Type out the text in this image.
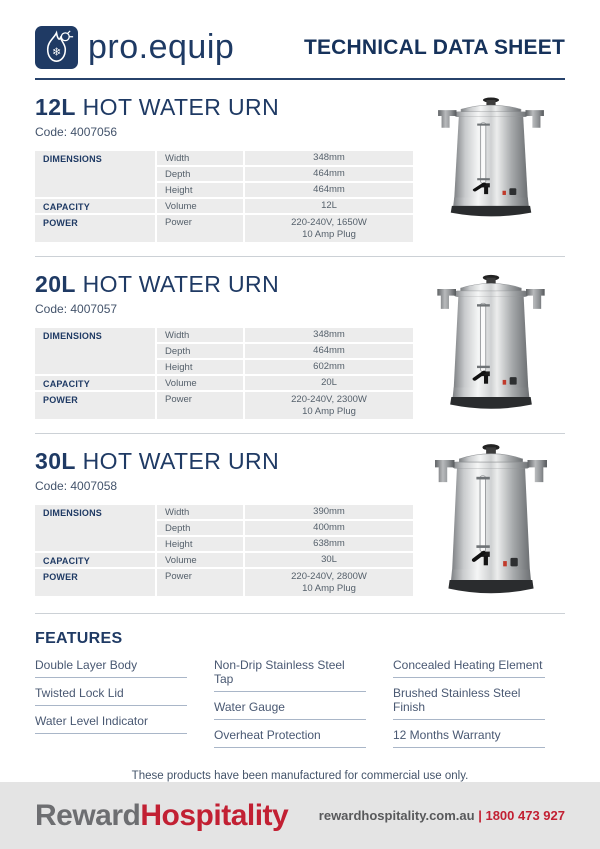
❄ pro.equip	TECHNICAL DATA SHEET
12L HOT WATER URN
Code: 4007056
DIMENSIONS	Width	348mm
Depth	464mm
Height	464mm
CAPACITY	Volume	12L
POWER	Power	220-240V, 1650W
10 Amp Plug
20L HOT WATER URN
Code: 4007057
DIMENSIONS	Width	348mm
Depth	464mm
Height	602mm
CAPACITY	Volume	20L
POWER	Power	220-240V, 2300W
10 Amp Plug
30L HOT WATER URN
Code: 4007058
DIMENSIONS	Width	390mm
Depth	400mm
Height	638mm
CAPACITY	Volume	30L
POWER	Power	220-240V, 2800W
10 Amp Plug
FEATURES
Double Layer Body
Twisted Lock Lid
Water Level Indicator
Non-Drip Stainless Steel Tap
Water Gauge
Overheat Protection
Concealed Heating Element
Brushed Stainless Steel Finish
12 Months Warranty
These products have been manufactured for commercial use only.
RewardHospitality rewardhospitality.com.au | 1800 473 927
